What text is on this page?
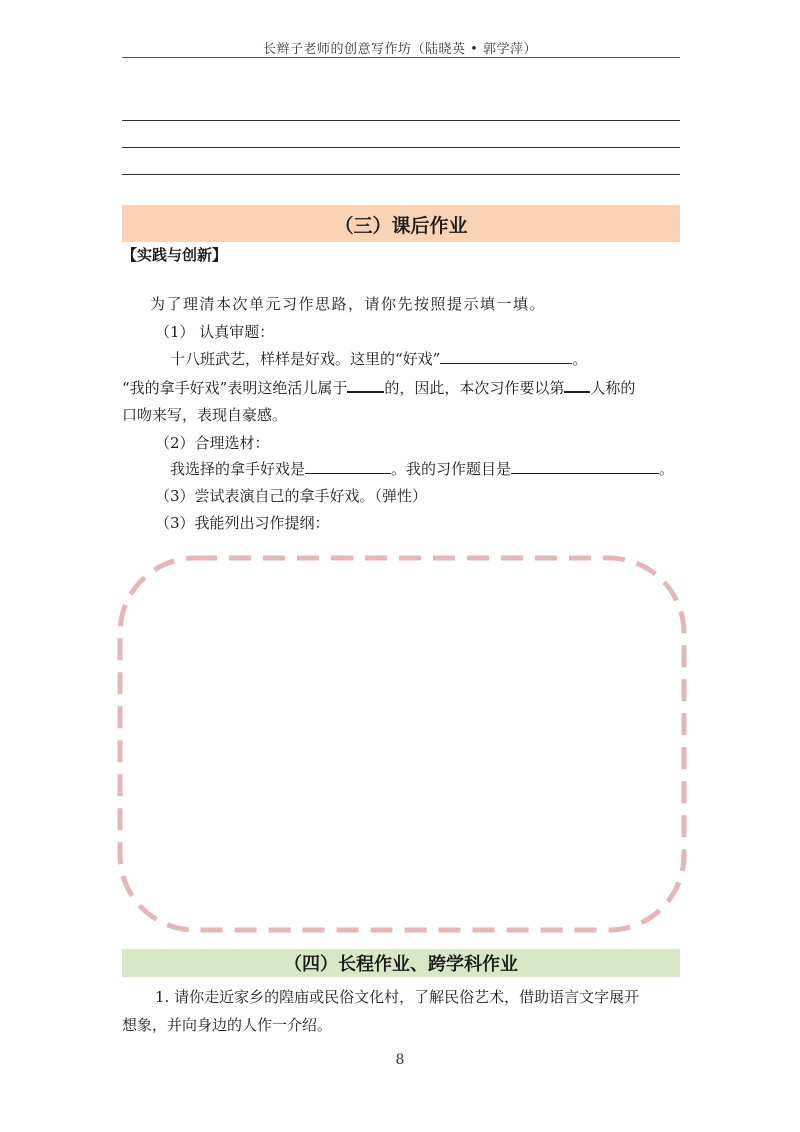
长辫子老师的创意写作坊（陆晓英 • 郭学萍）
（三）课后作业
【实践与创新】
为了理清本次单元习作思路，请你先按照提示填一填。
（1） 认真审题：
十八班武艺，样样是好戏。这里的“好戏”	。
“我的拿手好戏”表明这绝活儿属于 的，因此，本次习作要以第 人称的
口吻来写，表现自豪感。
（2）合理选材：
我选择的拿手好戏是	。我的习作题目是	。
（3）尝试表演自己的拿手好戏。（弹性）
（3）我能列出习作提纲：
（四）长程作业、跨学科作业
1. 请你走近家乡的隍庙或民俗文化村，了解民俗艺术，借助语言文字展开
想象，并向身边的人作一介绍。
8
